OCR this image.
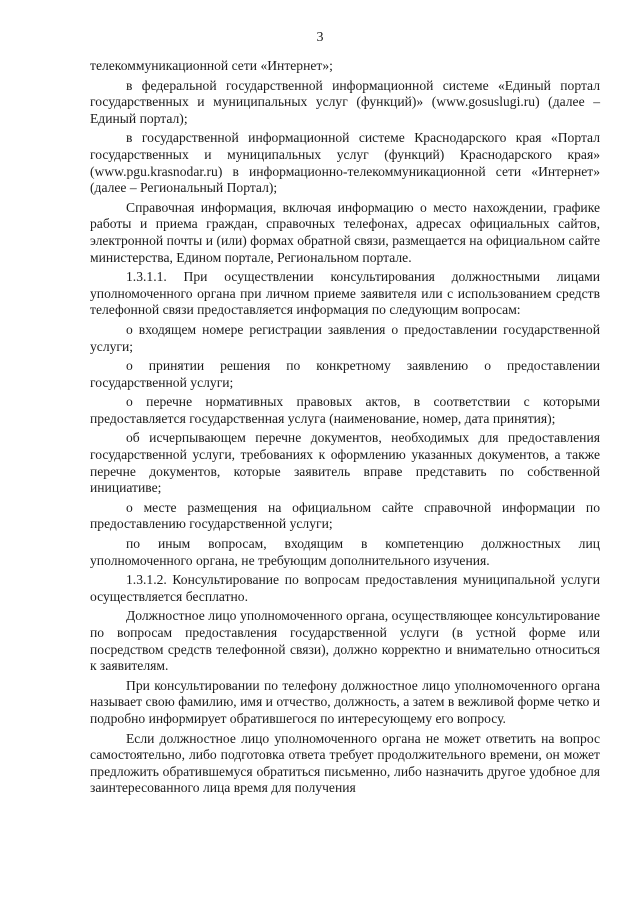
3

телекоммуникационной сети «Интернет»;

в федеральной государственной информационной системе «Единый портал государственных и муниципальных услуг (функций)» (www.gosuslugi.ru) (далее – Единый портал);

в государственной информационной системе Краснодарского края «Портал государственных и муниципальных услуг (функций) Краснодарского края» (www.pgu.krasnodar.ru) в информационно-телекоммуникационной сети «Интернет» (далее – Региональный Портал);

Справочная информация, включая информацию о место нахождении, графике работы и приема граждан, справочных телефонах, адресах официальных сайтов, электронной почты и (или) формах обратной связи, размещается на официальном сайте министерства, Едином портале, Региональном портале.

1.3.1.1. При осуществлении консультирования должностными лицами уполномоченного органа при личном приеме заявителя или с использованием средств телефонной связи предоставляется информация по следующим вопросам:

о входящем номере регистрации заявления о предоставлении государственной услуги;

о принятии решения по конкретному заявлению о предоставлении государственной услуги;

о перечне нормативных правовых актов, в соответствии с которыми предоставляется государственная услуга (наименование, номер, дата принятия);

об исчерпывающем перечне документов, необходимых для предоставления государственной услуги, требованиях к оформлению указанных документов, а также перечне документов, которые заявитель вправе представить по собственной инициативе;

о месте размещения на официальном сайте справочной информации по предоставлению государственной услуги;

по иным вопросам, входящим в компетенцию должностных лиц уполномоченного органа, не требующим дополнительного изучения.

1.3.1.2. Консультирование по вопросам предоставления муниципальной услуги осуществляется бесплатно.

Должностное лицо уполномоченного органа, осуществляющее консультирование по вопросам предоставления государственной услуги (в устной форме или посредством средств телефонной связи), должно корректно и внимательно относиться к заявителям.

При консультировании по телефону должностное лицо уполномоченного органа называет свою фамилию, имя и отчество, должность, а затем в вежливой форме четко и подробно информирует обратившегося по интересующему его вопросу.

Если должностное лицо уполномоченного органа не может ответить на вопрос самостоятельно, либо подготовка ответа требует продолжительного времени, он может предложить обратившемуся обратиться письменно, либо назначить другое удобное для заинтересованного лица время для получения
